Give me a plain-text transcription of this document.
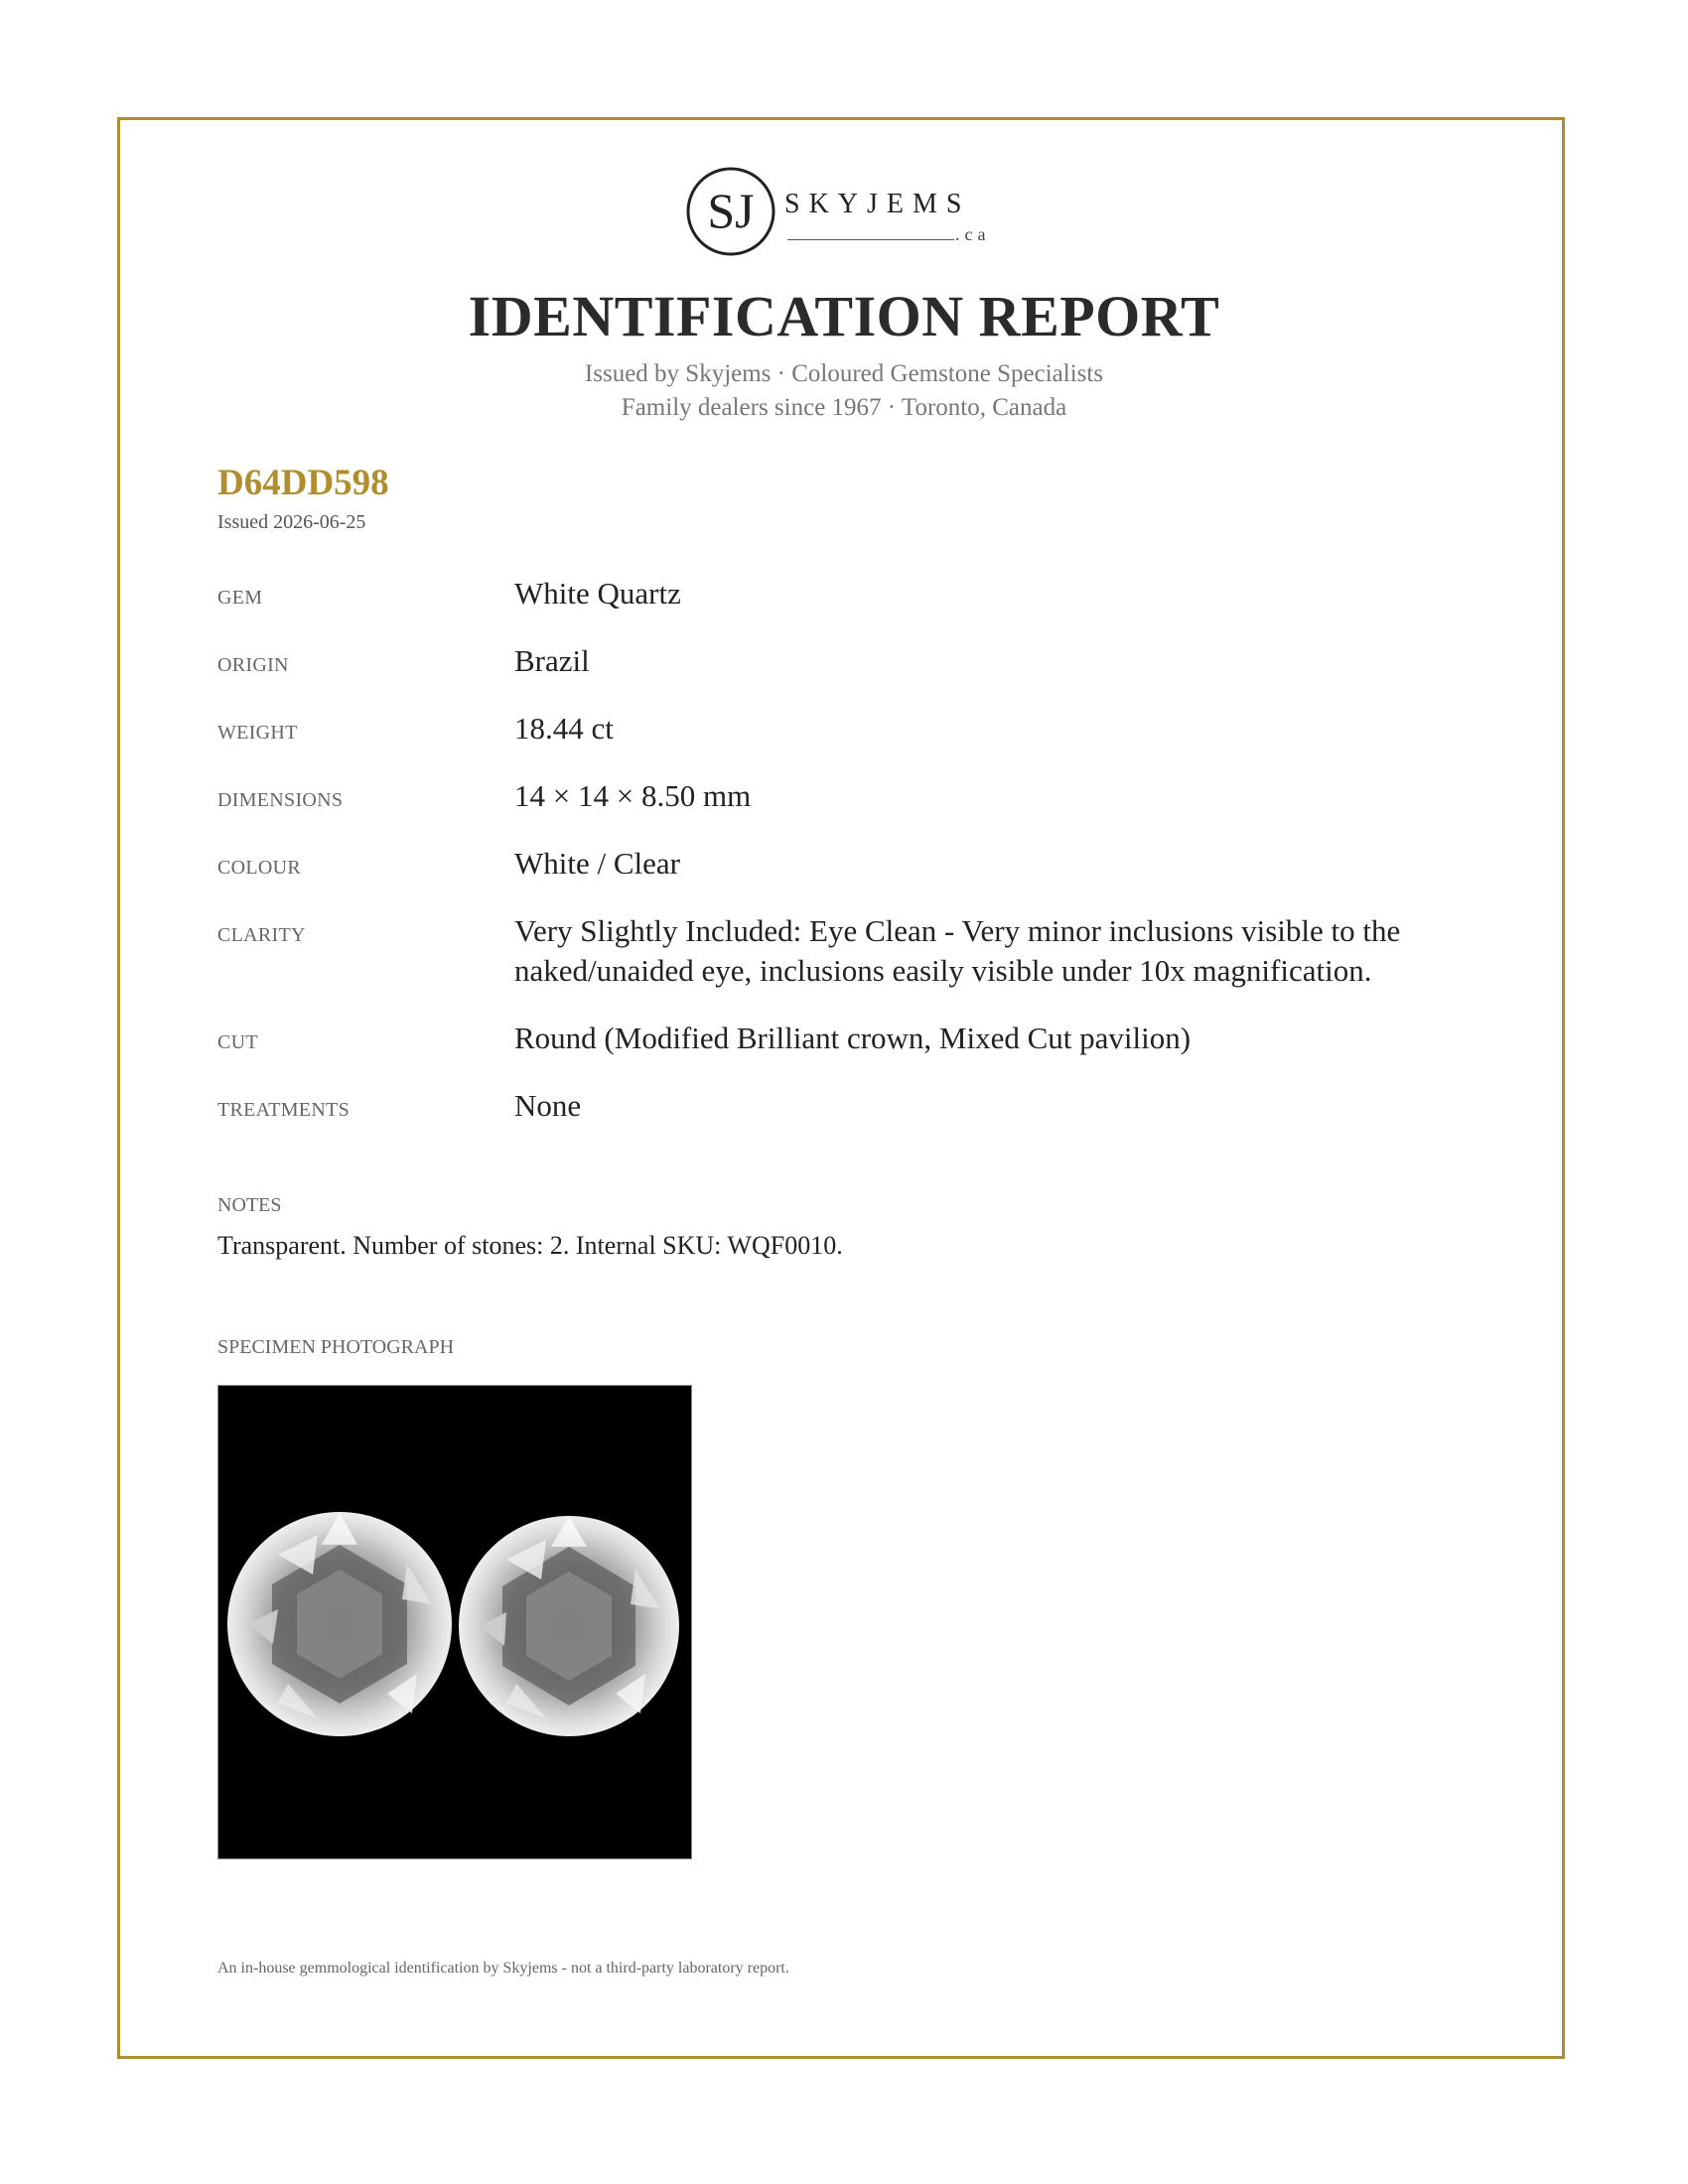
SJ SKYJEMS
.ca
IDENTIFICATION REPORT
Issued by Skyjems · Coloured Gemstone Specialists
Family dealers since 1967 · Toronto, Canada
D64DD598
Issued 2026-06-25
GEM	White Quartz
ORIGIN	Brazil
WEIGHT	18.44 ct
DIMENSIONS	14 × 14 × 8.50 mm
COLOUR	White / Clear
CLARITY	Very Slightly Included: Eye Clean - Very minor inclusions visible to the naked/unaided eye, inclusions easily visible under 10x magnification.
CUT	Round (Modified Brilliant crown, Mixed Cut pavilion)
TREATMENTS	None
NOTES
Transparent. Number of stones: 2. Internal SKU: WQF0010.
SPECIMEN PHOTOGRAPH
An in-house gemmological identification by Skyjems - not a third-party laboratory report.
